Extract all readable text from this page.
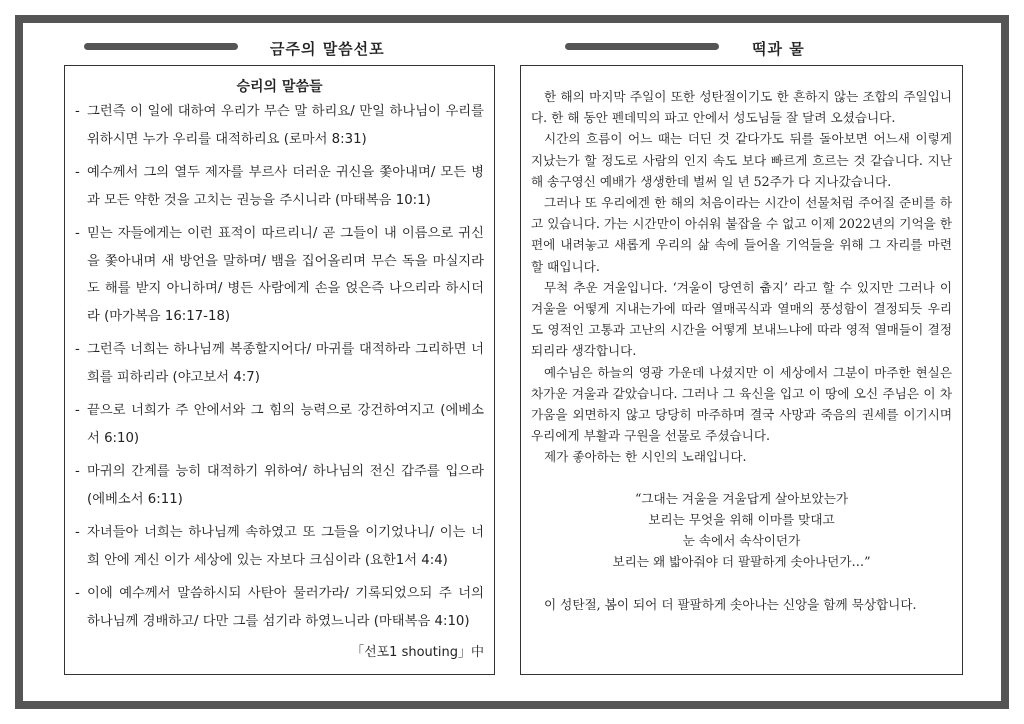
금주의 말씀선포	떡과 물
승리의 말씀들
- 그런즉 이 일에 대하여 우리가 무슨 말 하리요/ 만일 하나님이 우리를 위하시면 누가 우리를 대적하리요 (로마서 8:31)
- 예수께서 그의 열두 제자를 부르사 더러운 귀신을 쫓아내며/ 모든 병과 모든 약한 것을 고치는 권능을 주시니라 (마태복음 10:1)
- 믿는 자들에게는 이런 표적이 따르리니/ 곧 그들이 내 이름으로 귀신을 쫓아내며 새 방언을 말하며/ 뱀을 집어올리며 무슨 독을 마실지라도 해를 받지 아니하며/ 병든 사람에게 손을 얹은즉 나으리라 하시더라 (마가복음 16:17-18)
- 그런즉 너희는 하나님께 복종할지어다/ 마귀를 대적하라 그리하면 너희를 피하리라 (야고보서 4:7)
- 끝으로 너희가 주 안에서와 그 힘의 능력으로 강건하여지고 (에베소서 6:10)
- 마귀의 간계를 능히 대적하기 위하여/ 하나님의 전신 갑주를 입으라 (에베소서 6:11)
- 자녀들아 너희는 하나님께 속하였고 또 그들을 이기었나니/ 이는 너희 안에 계신 이가 세상에 있는 자보다 크심이라 (요한1서 4:4)
- 이에 예수께서 말씀하시되 사탄아 물러가라/ 기록되었으되 주 너의 하나님께 경배하고/ 다만 그를 섬기라 하였느니라 (마태복음 4:10)
「선포1 shouting」中

한 해의 마지막 주일이 또한 성탄절이기도 한 흔하지 않는 조합의 주일입니다. 한 해 동안 펜데믹의 파고 안에서 성도님들 잘 달려 오셨습니다.

시간의 흐름이 어느 때는 더딘 것 같다가도 뒤를 돌아보면 어느새 이렇게 지났는가 할 정도로 사람의 인지 속도 보다 빠르게 흐르는 것 같습니다. 지난해 송구영신 예배가 생생한데 벌써 일 년 52주가 다 지나갔습니다.

그러나 또 우리에겐 한 해의 처음이라는 시간이 선물처럼 주어질 준비를 하고 있습니다. 가는 시간만이 아쉬워 붙잡을 수 없고 이제 2022년의 기억을 한 편에 내려놓고 새롭게 우리의 삶 속에 들어올 기억들을 위해 그 자리를 마련할 때입니다.

무척 추운 겨울입니다. ‘겨울이 당연히 춥지’ 라고 할 수 있지만 그러나 이 겨울을 어떻게 지내는가에 따라 열매곡식과 열매의 풍성함이 결정되듯 우리도 영적인 고통과 고난의 시간을 어떻게 보내느냐에 따라 영적 열매들이 결정되리라 생각합니다.

예수님은 하늘의 영광 가운데 나셨지만 이 세상에서 그분이 마주한 현실은 차가운 겨울과 같았습니다. 그러나 그 육신을 입고 이 땅에 오신 주님은 이 차가움을 외면하지 않고 당당히 마주하며 결국 사망과 죽음의 권세를 이기시며 우리에게 부활과 구원을 선물로 주셨습니다.

제가 좋아하는 한 시인의 노래입니다.

“그대는 겨울을 겨울답게 살아보았는가
보리는 무엇을 위해 이마를 맞대고
눈 속에서 속삭이던가
보리는 왜 밟아줘야 더 팔팔하게 솟아나던가…”
이 성탄절, 봄이 되어 더 팔팔하게 솟아나는 신앙을 함께 묵상합니다.
